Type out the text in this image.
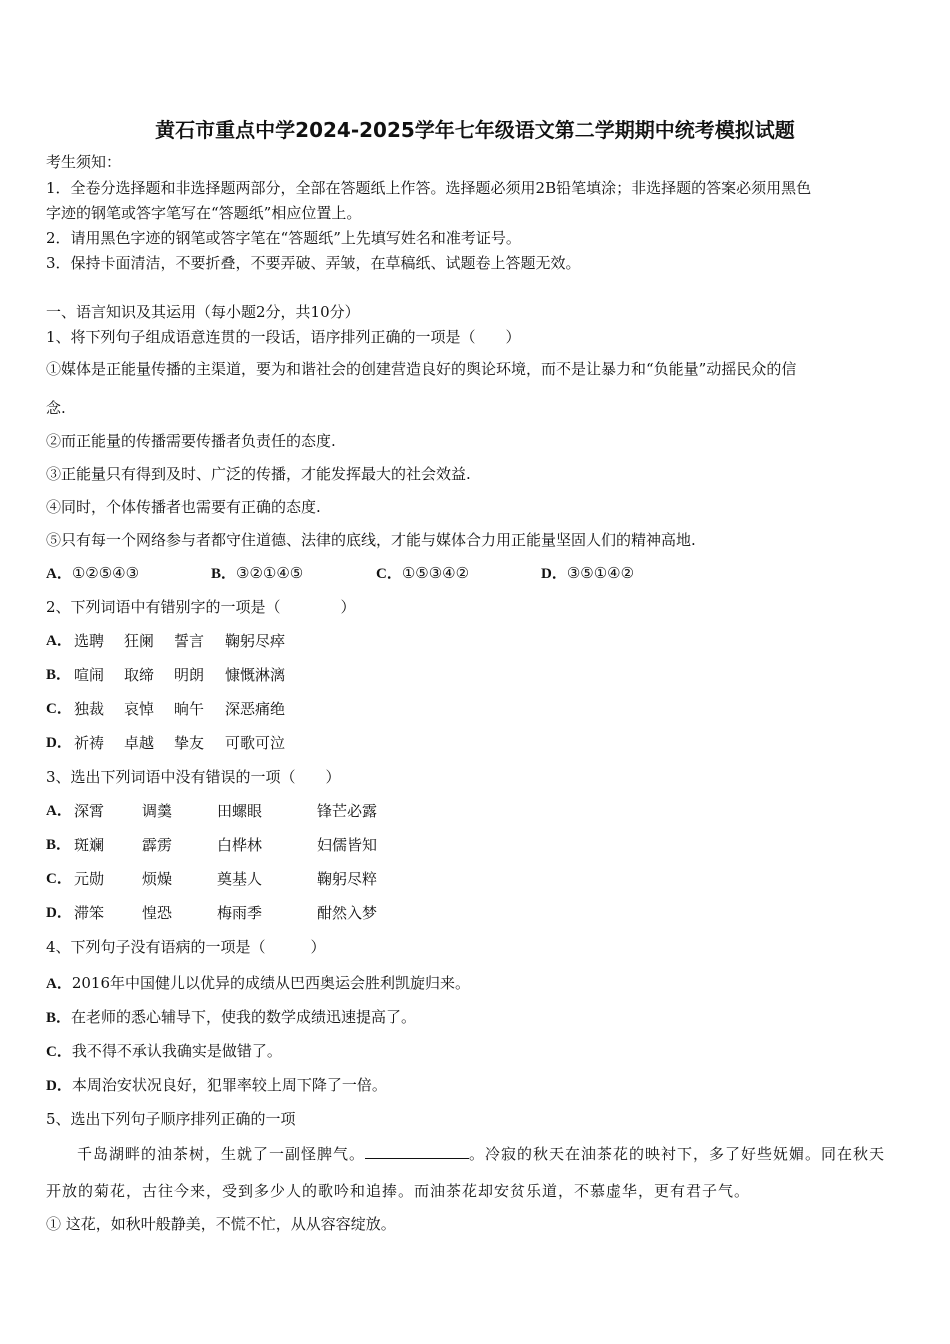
黄石市重点中学2024-2025学年七年级语文第二学期期中统考模拟试题
考生须知：
1．全卷分选择题和非选择题两部分，全部在答题纸上作答。选择题必须用2B铅笔填涂；非选择题的答案必须用黑色
字迹的钢笔或答字笔写在“答题纸”相应位置上。
2．请用黑色字迹的钢笔或答字笔在“答题纸”上先填写姓名和准考证号。
3．保持卡面清洁，不要折叠，不要弄破、弄皱，在草稿纸、试题卷上答题无效。
一、语言知识及其运用（每小题2分，共10分）
1、将下列句子组成语意连贯的一段话，语序排列正确的一项是（　　）
①媒体是正能量传播的主渠道，要为和谐社会的创建营造良好的舆论环境，而不是让暴力和“负能量”动摇民众的信
念.
②而正能量的传播需要传播者负责任的态度.
③正能量只有得到及时、广泛的传播，才能发挥最大的社会效益.
④同时，个体传播者也需要有正确的态度.
⑤只有每一个网络参与者都守住道德、法律的底线，才能与媒体合力用正能量坚固人们的精神高地.
A．①②⑤④③	B．③②①④⑤	C．①⑤③④②	D．③⑤①④②
2、下列词语中有错别字的一项是（　　　　）
A． 选聘 狂阑 誓言 鞠躬尽瘁
B． 喧闹 取缔 明朗 慷慨淋漓
C． 独裁 哀悼 晌午 深恶痛绝
D． 祈祷 卓越 挚友 可歌可泣
3、选出下列词语中没有错误的一项（　　）
A． 深霄	调羹	田螺眼	锋芒必露
B． 斑斓	霹雳	白桦林	妇儒皆知
C． 元勋	烦燥	奠基人	鞠躬尽粹
D． 滞笨	惶恐	梅雨季	酣然入梦
4、下列句子没有语病的一项是（　　　）
A．2016年中国健儿以优异的成绩从巴西奥运会胜利凯旋归来。
B．在老师的悉心辅导下，使我的数学成绩迅速提高了。
C．我不得不承认我确实是做错了。
D．本周治安状况良好，犯罪率较上周下降了一倍。
5、选出下列句子顺序排列正确的一项
千岛湖畔的油茶树，生就了一副怪脾气。	。冷寂的秋天在油茶花的映衬下，多了好些妩媚。同在秋天
开放的菊花，古往今来，受到多少人的歌吟和追捧。而油茶花却安贫乐道，不慕虚华，更有君子气。
① 这花，如秋叶般静美，不慌不忙，从从容容绽放。
